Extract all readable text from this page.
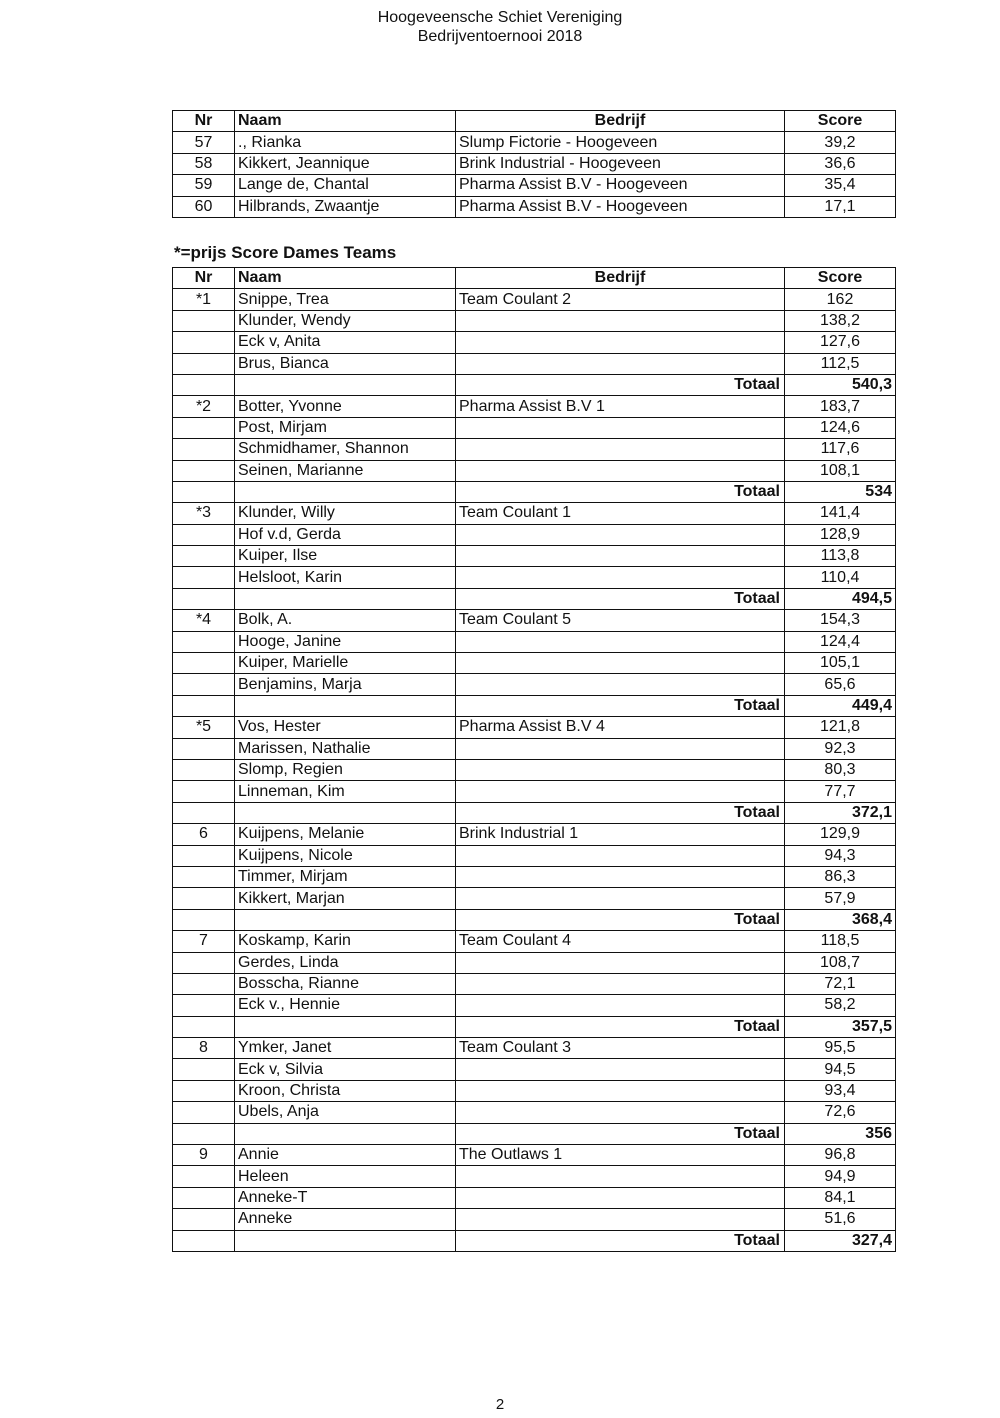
Hoogeveensche Schiet Vereniging
Bedrijventoernooi 2018
Nr	Naam	Bedrijf	Score
57	., Rianka	Slump Fictorie - Hoogeveen	39,2
58	Kikkert, Jeannique	Brink Industrial - Hoogeveen	36,6
59	Lange de, Chantal	Pharma Assist B.V - Hoogeveen	35,4
60	Hilbrands, Zwaantje	Pharma Assist B.V - Hoogeveen	17,1
*=prijs Score Dames Teams
Nr	Naam	Bedrijf	Score
*1	Snippe, Trea	Team Coulant 2	162
	Klunder, Wendy		138,2
	Eck v, Anita		127,6
	Brus, Bianca		112,5
		Totaal	540,3
*2	Botter, Yvonne	Pharma Assist B.V 1	183,7
	Post, Mirjam		124,6
	Schmidhamer, Shannon		117,6
	Seinen, Marianne		108,1
		Totaal	534
*3	Klunder, Willy	Team Coulant 1	141,4
	Hof v.d, Gerda		128,9
	Kuiper, Ilse		113,8
	Helsloot, Karin		110,4
		Totaal	494,5
*4	Bolk, A.	Team Coulant 5	154,3
	Hooge, Janine		124,4
	Kuiper, Marielle		105,1
	Benjamins, Marja		65,6
		Totaal	449,4
*5	Vos, Hester	Pharma Assist B.V 4	121,8
	Marissen, Nathalie		92,3
	Slomp, Regien		80,3
	Linneman, Kim		77,7
		Totaal	372,1
6	Kuijpens, Melanie	Brink Industrial 1	129,9
	Kuijpens, Nicole		94,3
	Timmer, Mirjam		86,3
	Kikkert, Marjan		57,9
		Totaal	368,4
7	Koskamp, Karin	Team Coulant 4	118,5
	Gerdes, Linda		108,7
	Bosscha, Rianne		72,1
	Eck v., Hennie		58,2
		Totaal	357,5
8	Ymker, Janet	Team Coulant 3	95,5
	Eck v, Silvia		94,5
	Kroon, Christa		93,4
	Ubels, Anja		72,6
		Totaal	356
9	Annie	The Outlaws 1	96,8
	Heleen		94,9
	Anneke-T		84,1
	Anneke		51,6
		Totaal	327,4
2
